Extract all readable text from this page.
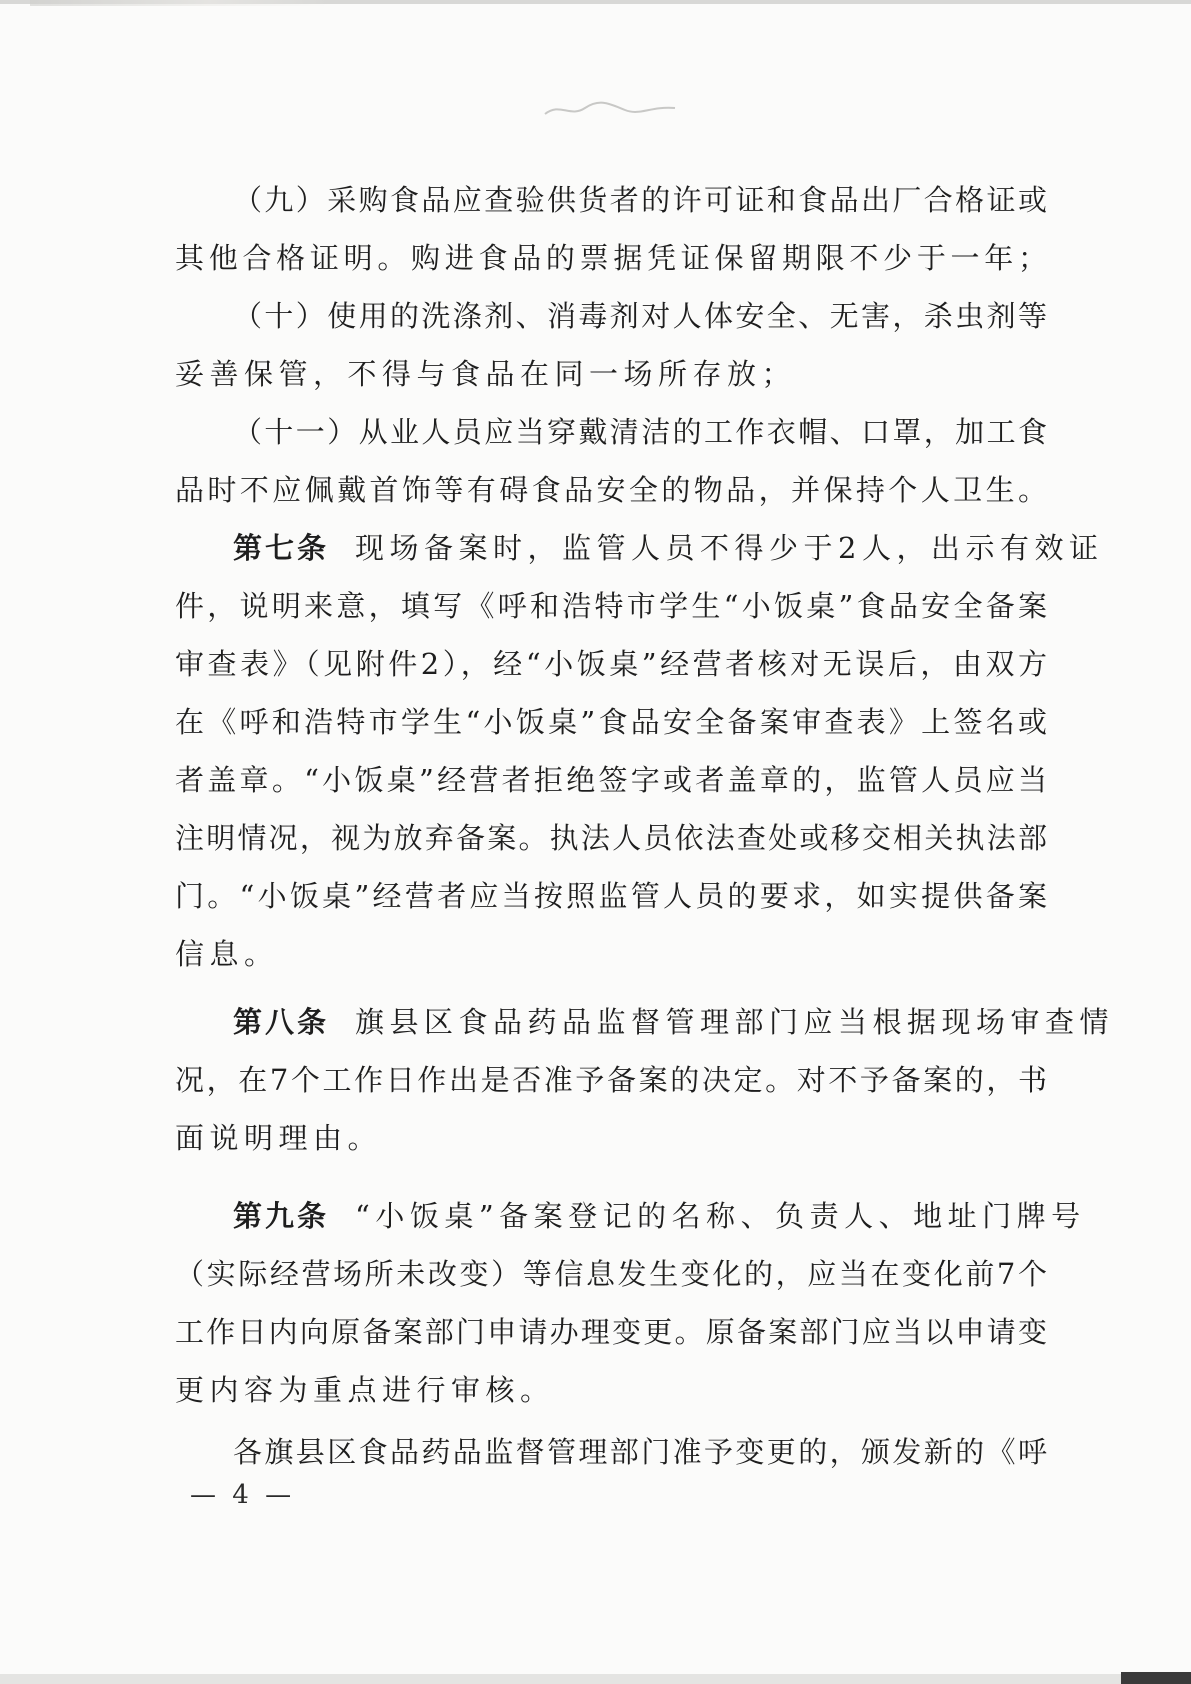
（九）采购食品应查验供货者的许可证和食品出厂合格证或
其他合格证明。购进食品的票据凭证保留期限不少于一年；
（十）使用的洗涤剂、消毒剂对人体安全、无害，杀虫剂等
妥善保管，不得与食品在同一场所存放；
（十一）从业人员应当穿戴清洁的工作衣帽、口罩，加工食
品时不应佩戴首饰等有碍食品安全的物品，并保持个人卫生。
第七条 现场备案时，监管人员不得少于2人，出示有效证
件，说明来意，填写《呼和浩特市学生“小饭桌”食品安全备案
审查表》（见附件2），经“小饭桌”经营者核对无误后，由双方
在《呼和浩特市学生“小饭桌”食品安全备案审查表》上签名或
者盖章。“小饭桌”经营者拒绝签字或者盖章的，监管人员应当
注明情况，视为放弃备案。执法人员依法查处或移交相关执法部
门。“小饭桌”经营者应当按照监管人员的要求，如实提供备案
信息。
第八条 旗县区食品药品监督管理部门应当根据现场审查情
况，在7个工作日作出是否准予备案的决定。对不予备案的，书
面说明理由。
第九条 “小饭桌”备案登记的名称、负责人、地址门牌号
（实际经营场所未改变）等信息发生变化的，应当在变化前7个
工作日内向原备案部门申请办理变更。原备案部门应当以申请变
更内容为重点进行审核。
各旗县区食品药品监督管理部门准予变更的，颁发新的《呼
— 4 —
